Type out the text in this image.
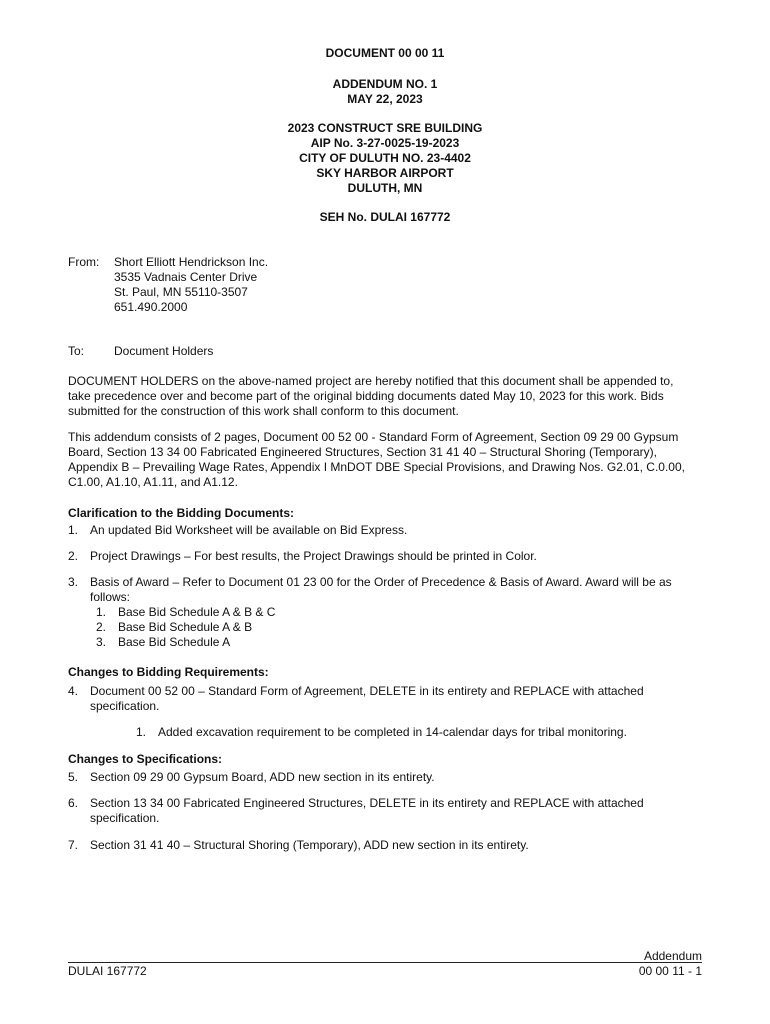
DOCUMENT 00 00 11
ADDENDUM NO. 1
MAY 22, 2023
2023 CONSTRUCT SRE BUILDING
AIP No. 3-27-0025-19-2023
CITY OF DULUTH NO. 23-4402
SKY HARBOR AIRPORT
DULUTH, MN
SEH No. DULAI 167772
From: Short Elliott Hendrickson Inc.
3535 Vadnais Center Drive
St. Paul, MN 55110-3507
651.490.2000
To: Document Holders
DOCUMENT HOLDERS on the above-named project are hereby notified that this document shall be appended to, take precedence over and become part of the original bidding documents dated May 10, 2023 for this work. Bids submitted for the construction of this work shall conform to this document.
This addendum consists of 2 pages, Document 00 52 00 - Standard Form of Agreement, Section 09 29 00 Gypsum Board, Section 13 34 00 Fabricated Engineered Structures, Section 31 41 40 – Structural Shoring (Temporary), Appendix B – Prevailing Wage Rates, Appendix I MnDOT DBE Special Provisions, and Drawing Nos. G2.01, C.0.00, C1.00, A1.10, A1.11, and A1.12.
Clarification to the Bidding Documents:
1. An updated Bid Worksheet will be available on Bid Express.
2. Project Drawings – For best results, the Project Drawings should be printed in Color.
3. Basis of Award – Refer to Document 01 23 00 for the Order of Precedence & Basis of Award. Award will be as follows:
1. Base Bid Schedule A & B & C
2. Base Bid Schedule A & B
3. Base Bid Schedule A
Changes to Bidding Requirements:
4. Document 00 52 00 – Standard Form of Agreement, DELETE in its entirety and REPLACE with attached specification.
1. Added excavation requirement to be completed in 14-calendar days for tribal monitoring.
Changes to Specifications:
5. Section 09 29 00 Gypsum Board, ADD new section in its entirety.
6. Section 13 34 00 Fabricated Engineered Structures, DELETE in its entirety and REPLACE with attached specification.
7. Section 31 41 40 – Structural Shoring (Temporary), ADD new section in its entirety.
Addendum
00 00 11 - 1
DULAI 167772
